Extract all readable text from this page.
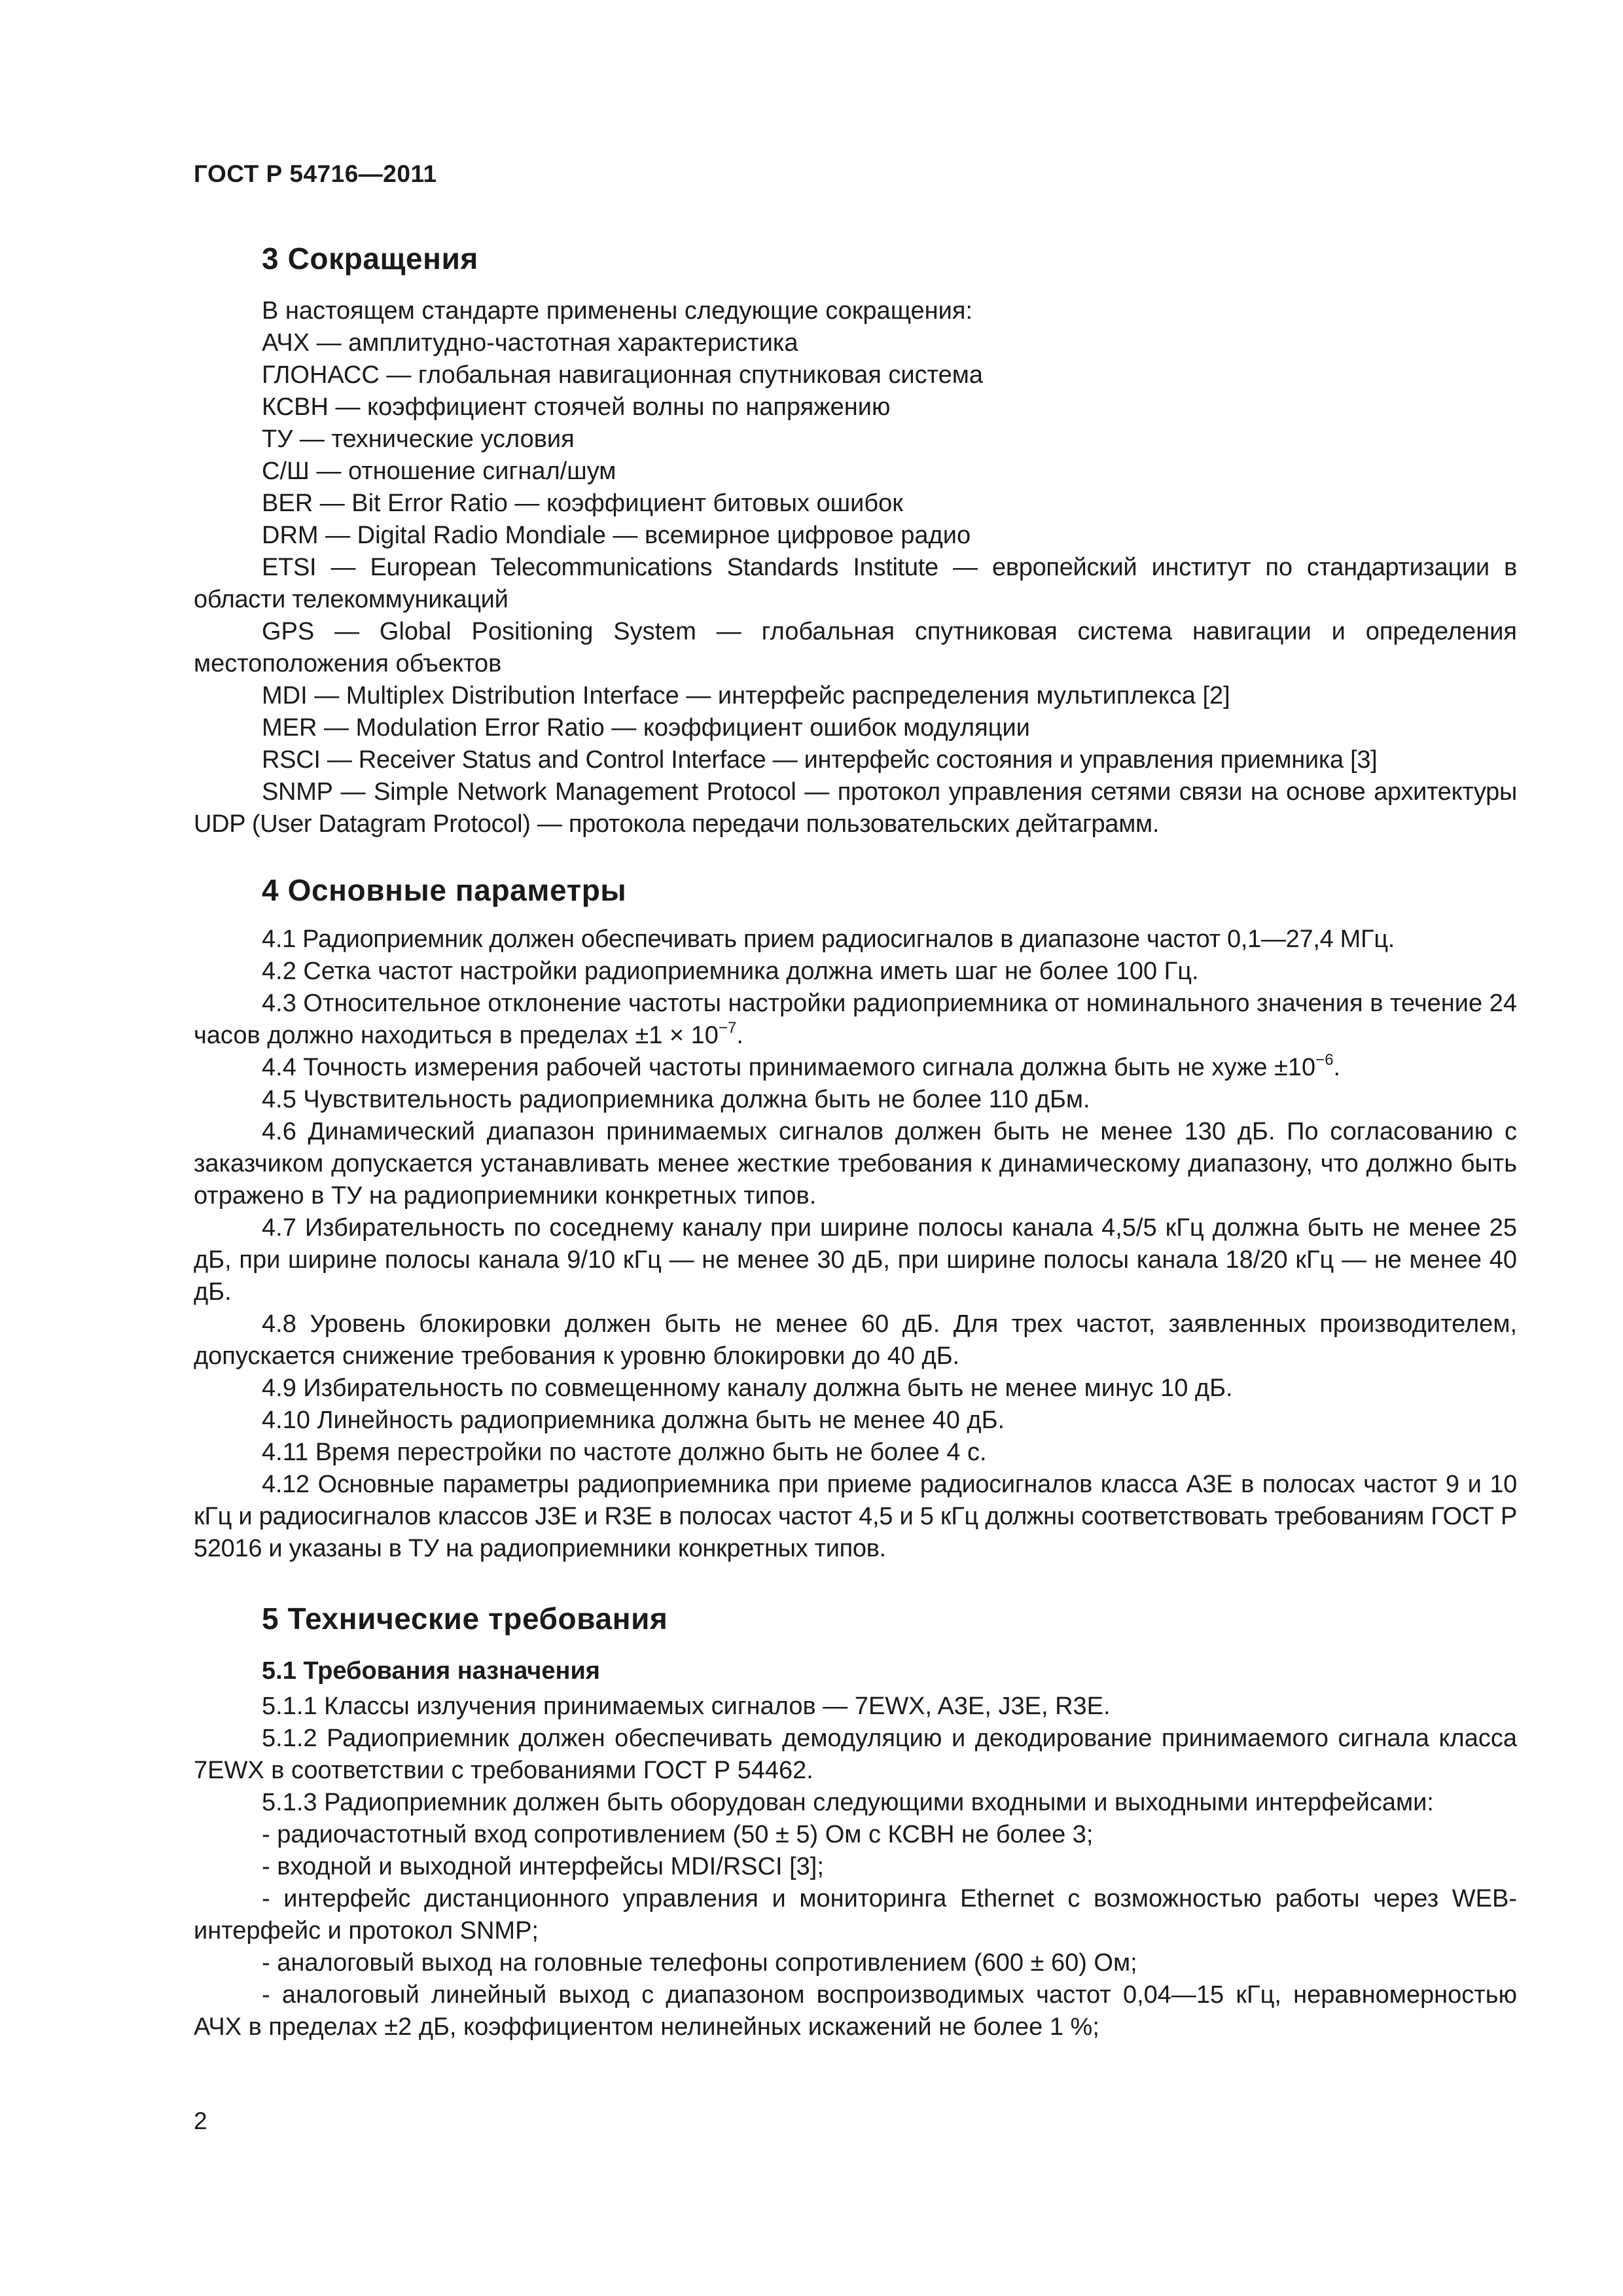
ГОСТ Р 54716—2011
3 Сокращения

В настоящем стандарте применены следующие сокращения:

АЧХ — амплитудно-частотная характеристика

ГЛОНАСС — глобальная навигационная спутниковая система

КСВН — коэффициент стоячей волны по напряжению

ТУ — технические условия

С/Ш — отношение сигнал/шум

BER — Bit Error Ratio — коэффициент битовых ошибок

DRM — Digital Radio Mondiale — всемирное цифровое радио

ETSI — European Telecommunications Standards Institute — европейский институт по стандартизации в области телекоммуникаций

GPS — Global Positioning System — глобальная спутниковая система навигации и определения местоположения объектов

MDI — Multiplex Distribution Interface — интерфейс распределения мультиплекса [2]

MER — Modulation Error Ratio — коэффициент ошибок модуляции

RSCI — Receiver Status and Control Interface — интерфейс состояния и управления приемника [3]

SNMP — Simple Network Management Protocol — протокол управления сетями связи на основе архитектуры UDP (User Datagram Protocol) — протокола передачи пользовательских дейтаграмм.

4 Основные параметры

4.1 Радиоприемник должен обеспечивать прием радиосигналов в диапазоне частот 0,1—27,4 МГц.

4.2 Сетка частот настройки радиоприемника должна иметь шаг не более 100 Гц.

4.3 Относительное отклонение частоты настройки радиоприемника от номинального значения в течение 24 часов должно находиться в пределах $\pm 1 \times 10^{-7}$.

4.4 Точность измерения рабочей частоты принимаемого сигнала должна быть не хуже $\pm 10^{-6}$.

4.5 Чувствительность радиоприемника должна быть не более 110 дБм.

4.6 Динамический диапазон принимаемых сигналов должен быть не менее 130 дБ. По согласованию с заказчиком допускается устанавливать менее жесткие требования к динамическому диапазону, что должно быть отражено в ТУ на радиоприемники конкретных типов.

4.7 Избирательность по соседнему каналу при ширине полосы канала 4,5/5 кГц должна быть не менее 25 дБ, при ширине полосы канала 9/10 кГц — не менее 30 дБ, при ширине полосы канала 18/20 кГц — не менее 40 дБ.

4.8 Уровень блокировки должен быть не менее 60 дБ. Для трех частот, заявленных производителем, допускается снижение требования к уровню блокировки до 40 дБ.

4.9 Избирательность по совмещенному каналу должна быть не менее минус 10 дБ.

4.10 Линейность радиоприемника должна быть не менее 40 дБ.

4.11 Время перестройки по частоте должно быть не более 4 с.

4.12 Основные параметры радиоприемника при приеме радиосигналов класса A3E в полосах частот 9 и 10 кГц и радиосигналов классов J3E и R3E в полосах частот 4,5 и 5 кГц должны соответствовать требованиям ГОСТ Р 52016 и указаны в ТУ на радиоприемники конкретных типов.

5 Технические требования
5.1 Требования назначения

5.1.1 Классы излучения принимаемых сигналов — 7EWX, A3E, J3E, R3E.

5.1.2 Радиоприемник должен обеспечивать демодуляцию и декодирование принимаемого сигнала класса 7EWX в соответствии с требованиями ГОСТ Р 54462.

5.1.3 Радиоприемник должен быть оборудован следующими входными и выходными интерфейсами:

- радиочастотный вход сопротивлением (50 ± 5) Ом с КСВН не более 3;

- входной и выходной интерфейсы MDI/RSCI [3];

- интерфейс дистанционного управления и мониторинга Ethernet с возможностью работы через WEB-интерфейс и протокол SNMP;

- аналоговый выход на головные телефоны сопротивлением (600 ± 60) Ом;

- аналоговый линейный выход с диапазоном воспроизводимых частот 0,04—15 кГц, неравномерностью АЧХ в пределах ±2 дБ, коэффициентом нелинейных искажений не более 1 %;

2
